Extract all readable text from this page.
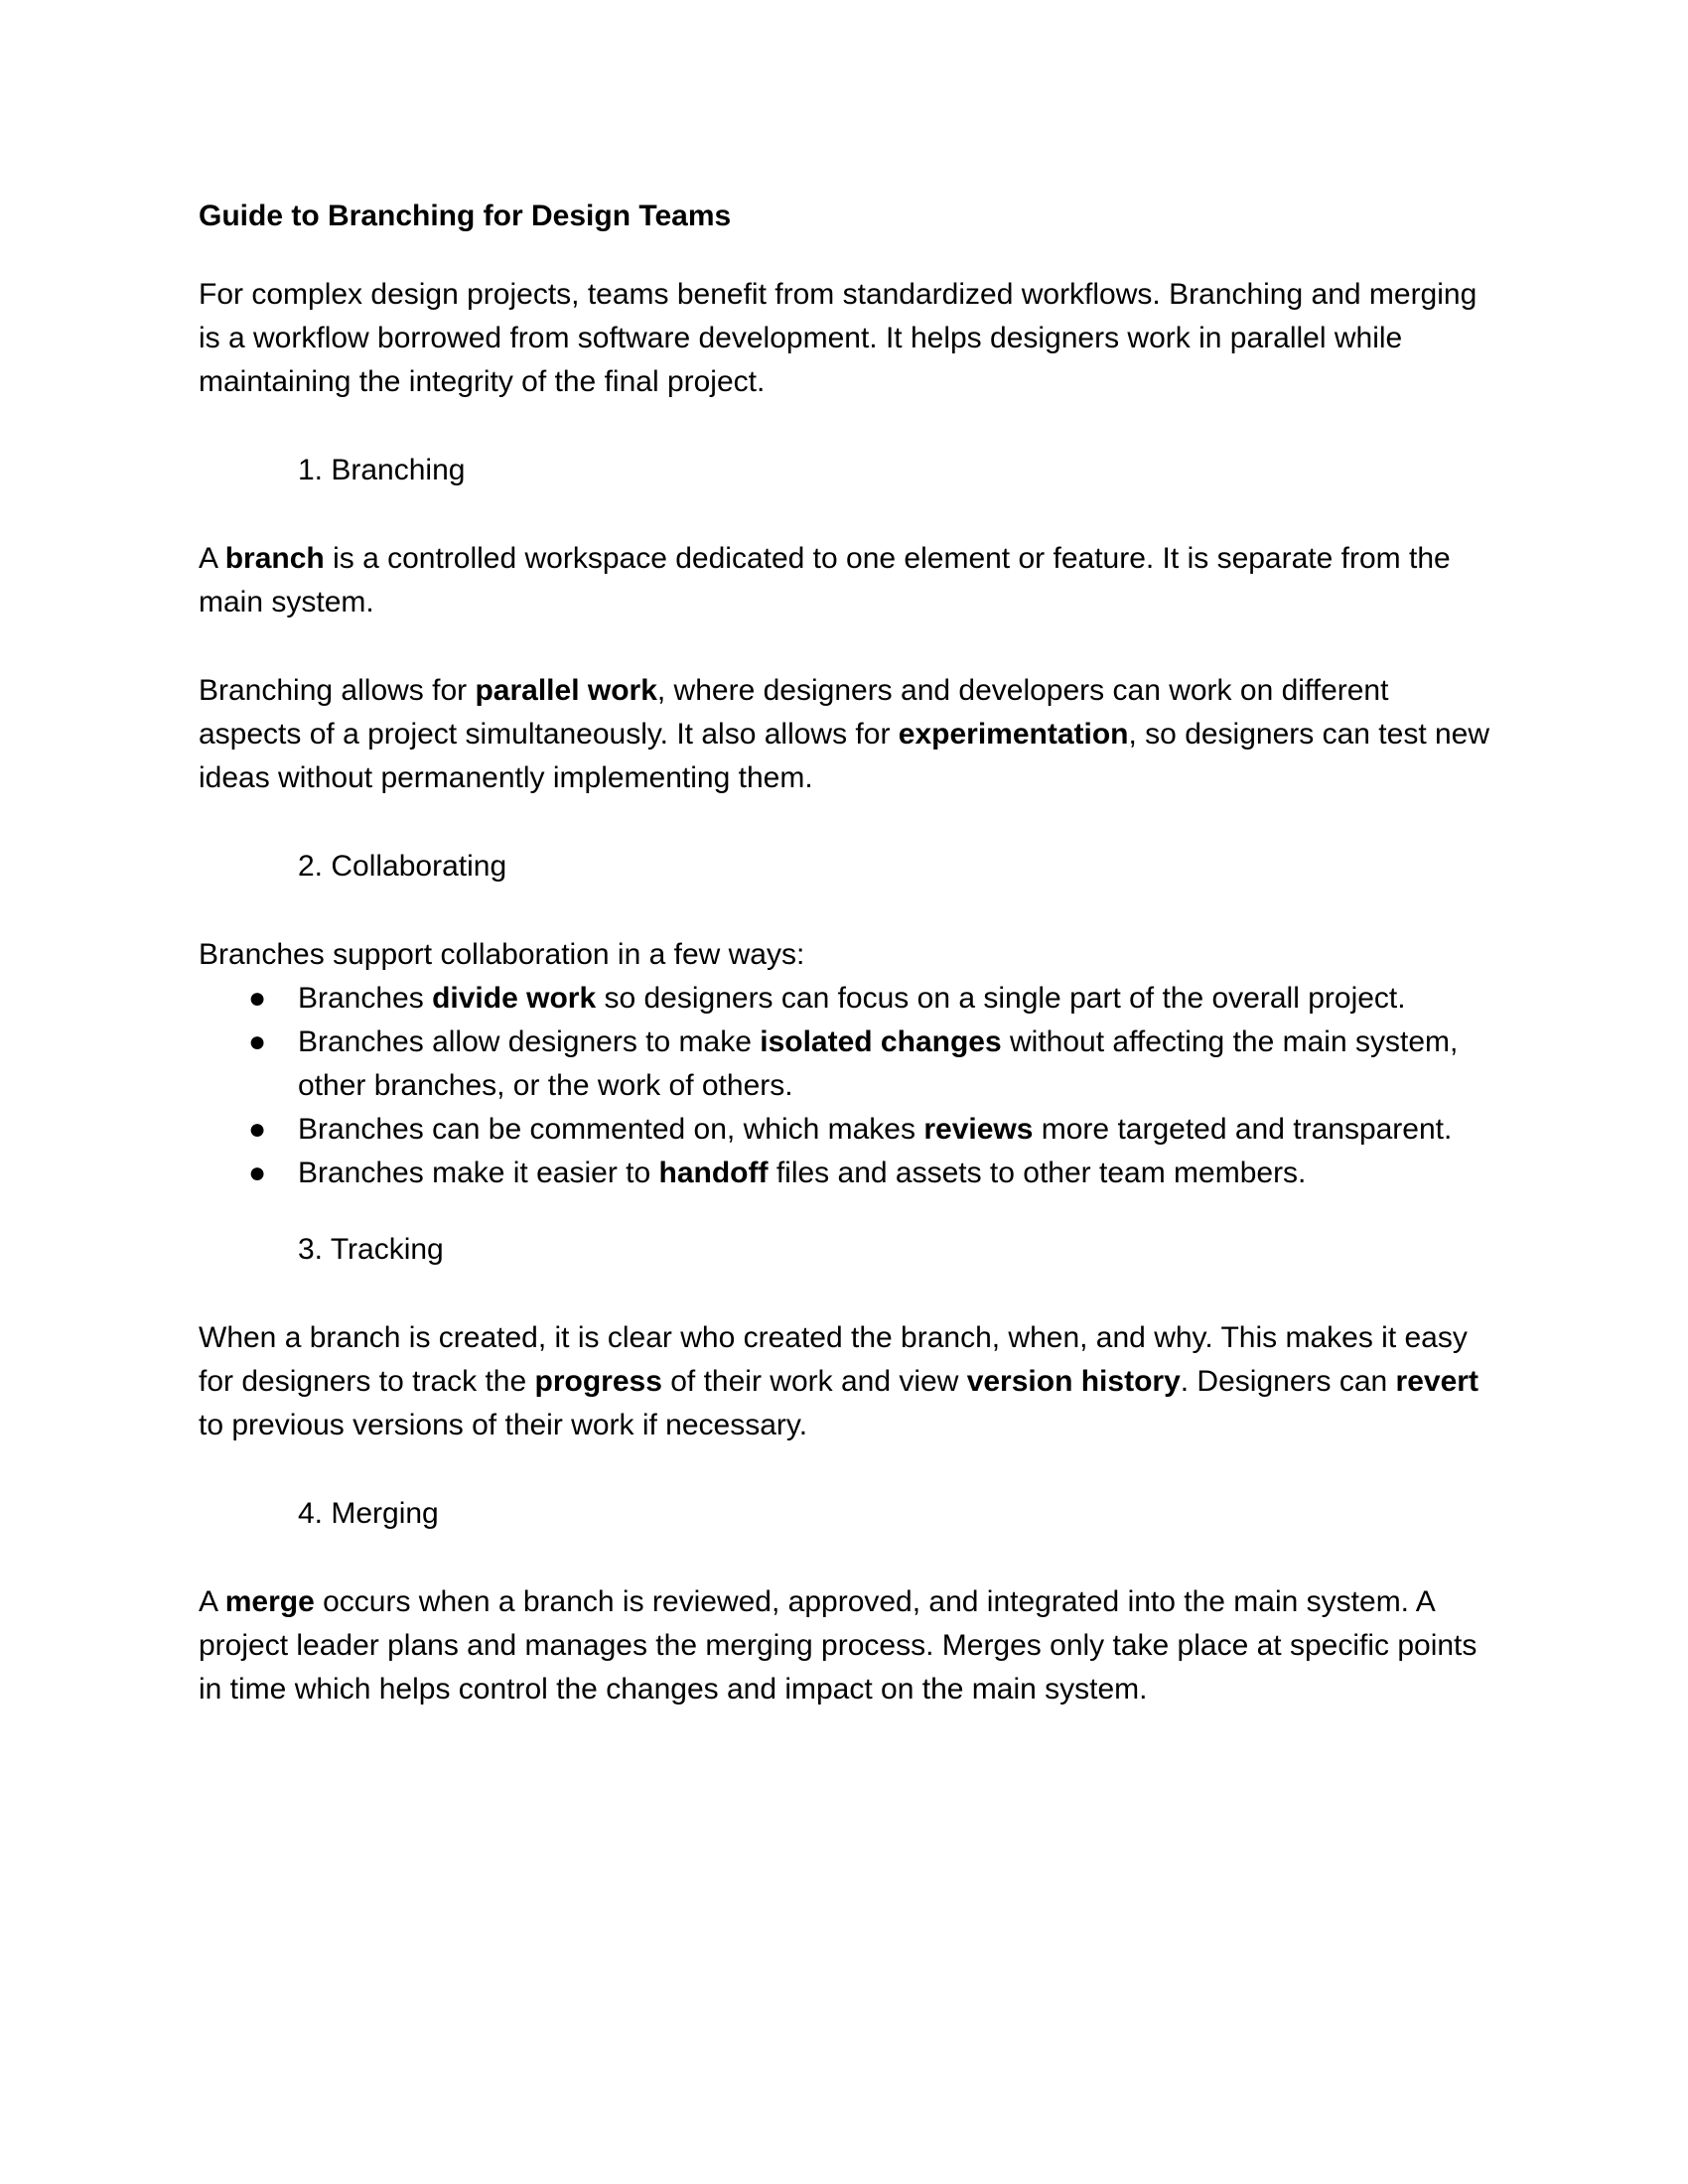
Guide to Branching for Design Teams

For complex design projects, teams benefit from standardized workflows. Branching and merging is a workflow borrowed from software development. It helps designers work in parallel while maintaining the integrity of the final project.

1. Branching

A branch is a controlled workspace dedicated to one element or feature. It is separate from the main system.

Branching allows for parallel work, where designers and developers can work on different aspects of a project simultaneously. It also allows for experimentation, so designers can test new ideas without permanently implementing them.

2. Collaborating

Branches support collaboration in a few ways:

● Branches divide work so designers can focus on a single part of the overall project.
● Branches allow designers to make isolated changes without affecting the main system, other branches, or the work of others.
● Branches can be commented on, which makes reviews more targeted and transparent.
● Branches make it easier to handoff files and assets to other team members.

3. Tracking

When a branch is created, it is clear who created the branch, when, and why. This makes it easy for designers to track the progress of their work and view version history. Designers can revert to previous versions of their work if necessary.

4. Merging

A merge occurs when a branch is reviewed, approved, and integrated into the main system. A project leader plans and manages the merging process. Merges only take place at specific points in time which helps control the changes and impact on the main system.
